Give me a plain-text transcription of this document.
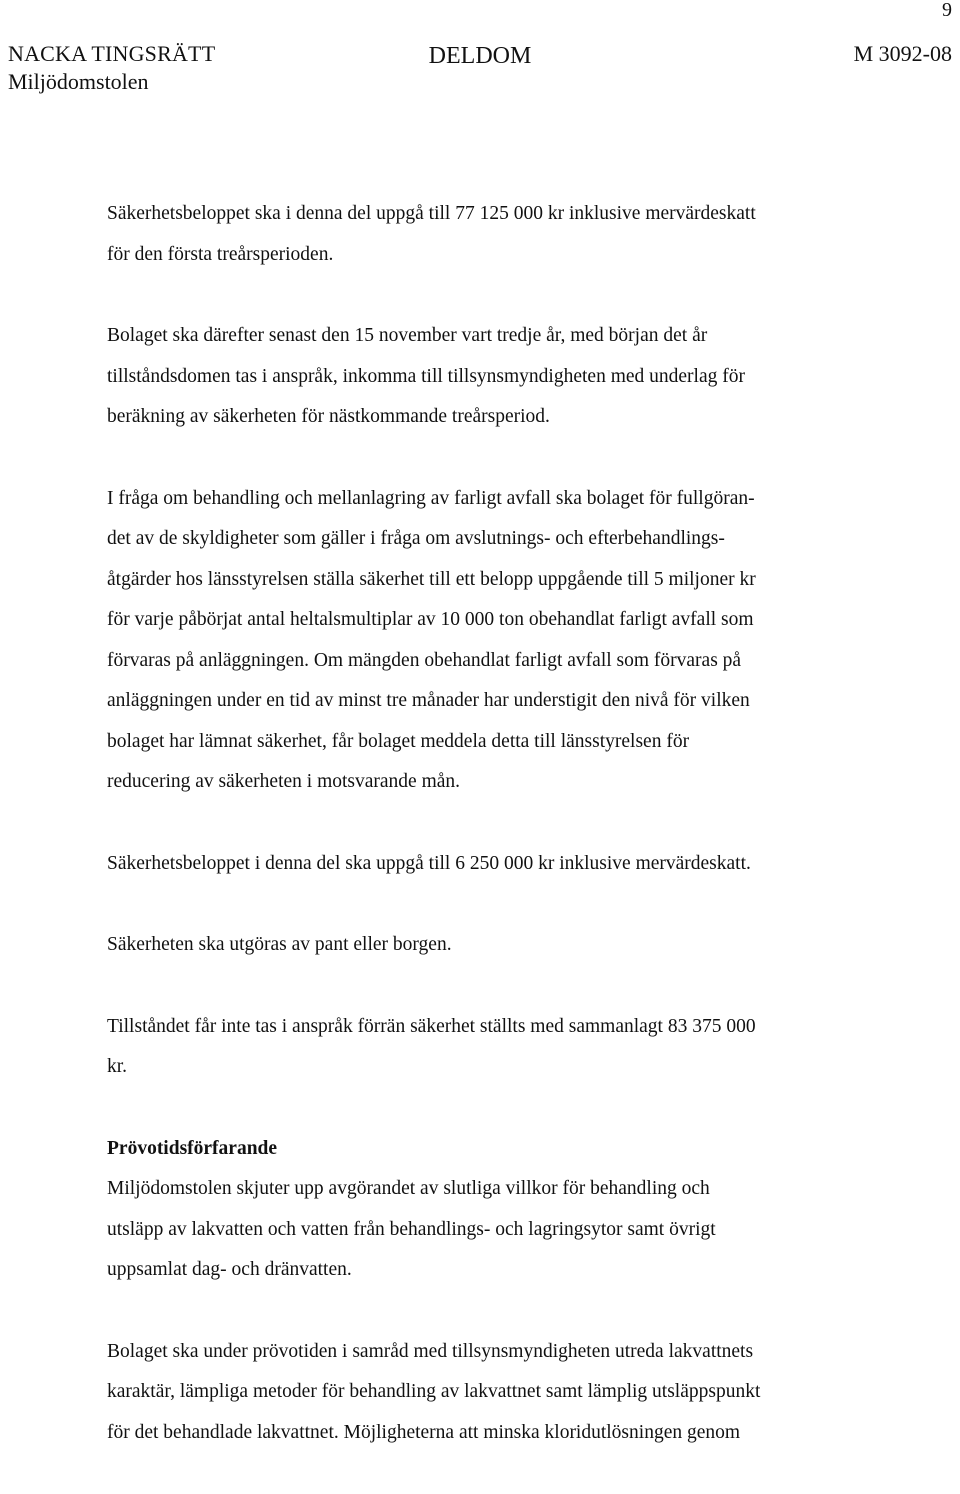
9
NACKA TINGSRÄTT
Miljödomstolen
DELDOM	M 3092-08
Säkerhetsbeloppet ska i denna del uppgå till 77 125 000 kr inklusive mervärdeskatt
för den första treårsperioden.
Bolaget ska därefter senast den 15 november vart tredje år, med början det år
tillståndsdomen tas i anspråk, inkomma till tillsynsmyndigheten med underlag för
beräkning av säkerheten för nästkommande treårsperiod.
I fråga om behandling och mellanlagring av farligt avfall ska bolaget för fullgöran-
det av de skyldigheter som gäller i fråga om avslutnings- och efterbehandlings-
åtgärder hos länsstyrelsen ställa säkerhet till ett belopp uppgående till 5 miljoner kr
för varje påbörjat antal heltalsmultiplar av 10 000 ton obehandlat farligt avfall som
förvaras på anläggningen. Om mängden obehandlat farligt avfall som förvaras på
anläggningen under en tid av minst tre månader har understigit den nivå för vilken
bolaget har lämnat säkerhet, får bolaget meddela detta till länsstyrelsen för
reducering av säkerheten i motsvarande mån.
Säkerhetsbeloppet i denna del ska uppgå till 6 250 000 kr inklusive mervärdeskatt.
Säkerheten ska utgöras av pant eller borgen.
Tillståndet får inte tas i anspråk förrän säkerhet ställts med sammanlagt 83 375 000
kr.
Prövotidsförfarande
Miljödomstolen skjuter upp avgörandet av slutliga villkor för behandling och
utsläpp av lakvatten och vatten från behandlings- och lagringsytor samt övrigt
uppsamlat dag- och dränvatten.
Bolaget ska under prövotiden i samråd med tillsynsmyndigheten utreda lakvattnets
karaktär, lämpliga metoder för behandling av lakvattnet samt lämplig utsläppspunkt
för det behandlade lakvattnet. Möjligheterna att minska kloridutlösningen genom
